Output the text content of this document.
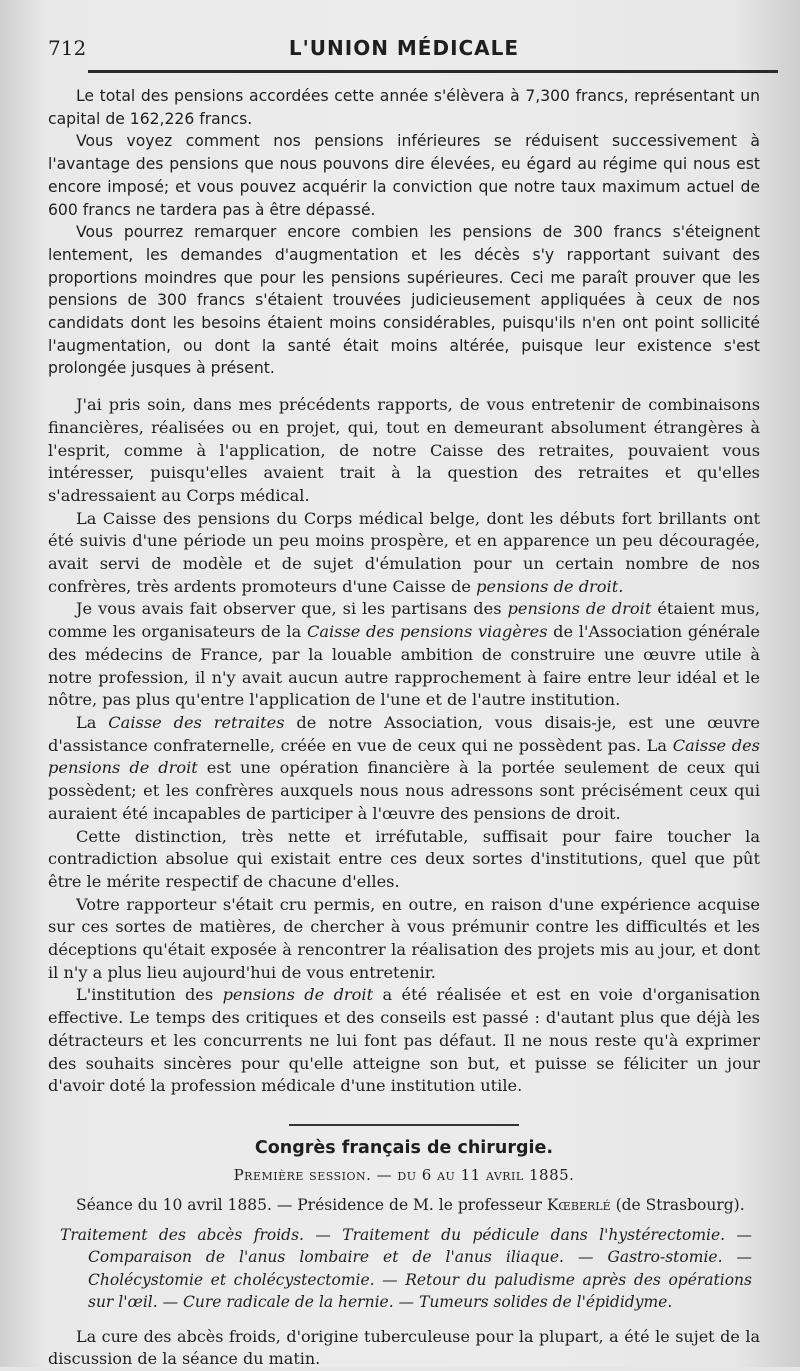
712	L'UNION MÉDICALE

Le total des pensions accordées cette année s'élèvera à 7,300 francs, représentant un capital de 162,226 francs.

Vous voyez comment nos pensions inférieures se réduisent successivement à l'avantage des pensions que nous pouvons dire élevées, eu égard au régime qui nous est encore imposé; et vous pouvez acquérir la conviction que notre taux maximum actuel de 600 francs ne tardera pas à être dépassé.

Vous pourrez remarquer encore combien les pensions de 300 francs s'éteignent lentement, les demandes d'augmentation et les décès s'y rapportant suivant des proportions moindres que pour les pensions supérieures. Ceci me paraît prouver que les pensions de 300 francs s'étaient trouvées judicieusement appliquées à ceux de nos candidats dont les besoins étaient moins considérables, puisqu'ils n'en ont point sollicité l'augmentation, ou dont la santé était moins altérée, puisque leur existence s'est prolongée jusques à présent.

J'ai pris soin, dans mes précédents rapports, de vous entretenir de combinaisons financières, réalisées ou en projet, qui, tout en demeurant absolument étrangères à l'esprit, comme à l'application, de notre Caisse des retraites, pouvaient vous intéresser, puisqu'elles avaient trait à la question des retraites et qu'elles s'adressaient au Corps médical.

La Caisse des pensions du Corps médical belge, dont les débuts fort brillants ont été suivis d'une période un peu moins prospère, et en apparence un peu découragée, avait servi de modèle et de sujet d'émulation pour un certain nombre de nos confrères, très ardents promoteurs d'une Caisse de pensions de droit.

Je vous avais fait observer que, si les partisans des pensions de droit étaient mus, comme les organisateurs de la Caisse des pensions viagères de l'Association générale des médecins de France, par la louable ambition de construire une œuvre utile à notre profession, il n'y avait aucun autre rapprochement à faire entre leur idéal et le nôtre, pas plus qu'entre l'application de l'une et de l'autre institution.

La Caisse des retraites de notre Association, vous disais-je, est une œuvre d'assistance confraternelle, créée en vue de ceux qui ne possèdent pas. La Caisse des pensions de droit est une opération financière à la portée seulement de ceux qui possèdent; et les confrères auxquels nous nous adressons sont précisément ceux qui auraient été incapables de participer à l'œuvre des pensions de droit.

Cette distinction, très nette et irréfutable, suffisait pour faire toucher la contradiction absolue qui existait entre ces deux sortes d'institutions, quel que pût être le mérite respectif de chacune d'elles.

Votre rapporteur s'était cru permis, en outre, en raison d'une expérience acquise sur ces sortes de matières, de chercher à vous prémunir contre les difficultés et les déceptions qu'était exposée à rencontrer la réalisation des projets mis au jour, et dont il n'y a plus lieu aujourd'hui de vous entretenir.

L'institution des pensions de droit a été réalisée et est en voie d'organisation effective. Le temps des critiques et des conseils est passé : d'autant plus que déjà les détracteurs et les concurrents ne lui font pas défaut. Il ne nous reste qu'à exprimer des souhaits sincères pour qu'elle atteigne son but, et puisse se féliciter un jour d'avoir doté la profession médicale d'une institution utile.

Congrès français de chirurgie.
Première session. — du 6 au 11 avril 1885.

Séance du 10 avril 1885. — Présidence de M. le professeur Kœberlé (de Strasbourg).

Traitement des abcès froids. — Traitement du pédicule dans l'hystérectomie. — Comparaison de l'anus lombaire et de l'anus iliaque. — Gastro-stomie. — Cholécystomie et cholécystectomie. — Retour du paludisme après des opérations sur l'œil. — Cure radicale de la hernie. — Tumeurs solides de l'épididyme.

La cure des abcès froids, d'origine tuberculeuse pour la plupart, a été le sujet de la discussion de la séance du matin.
